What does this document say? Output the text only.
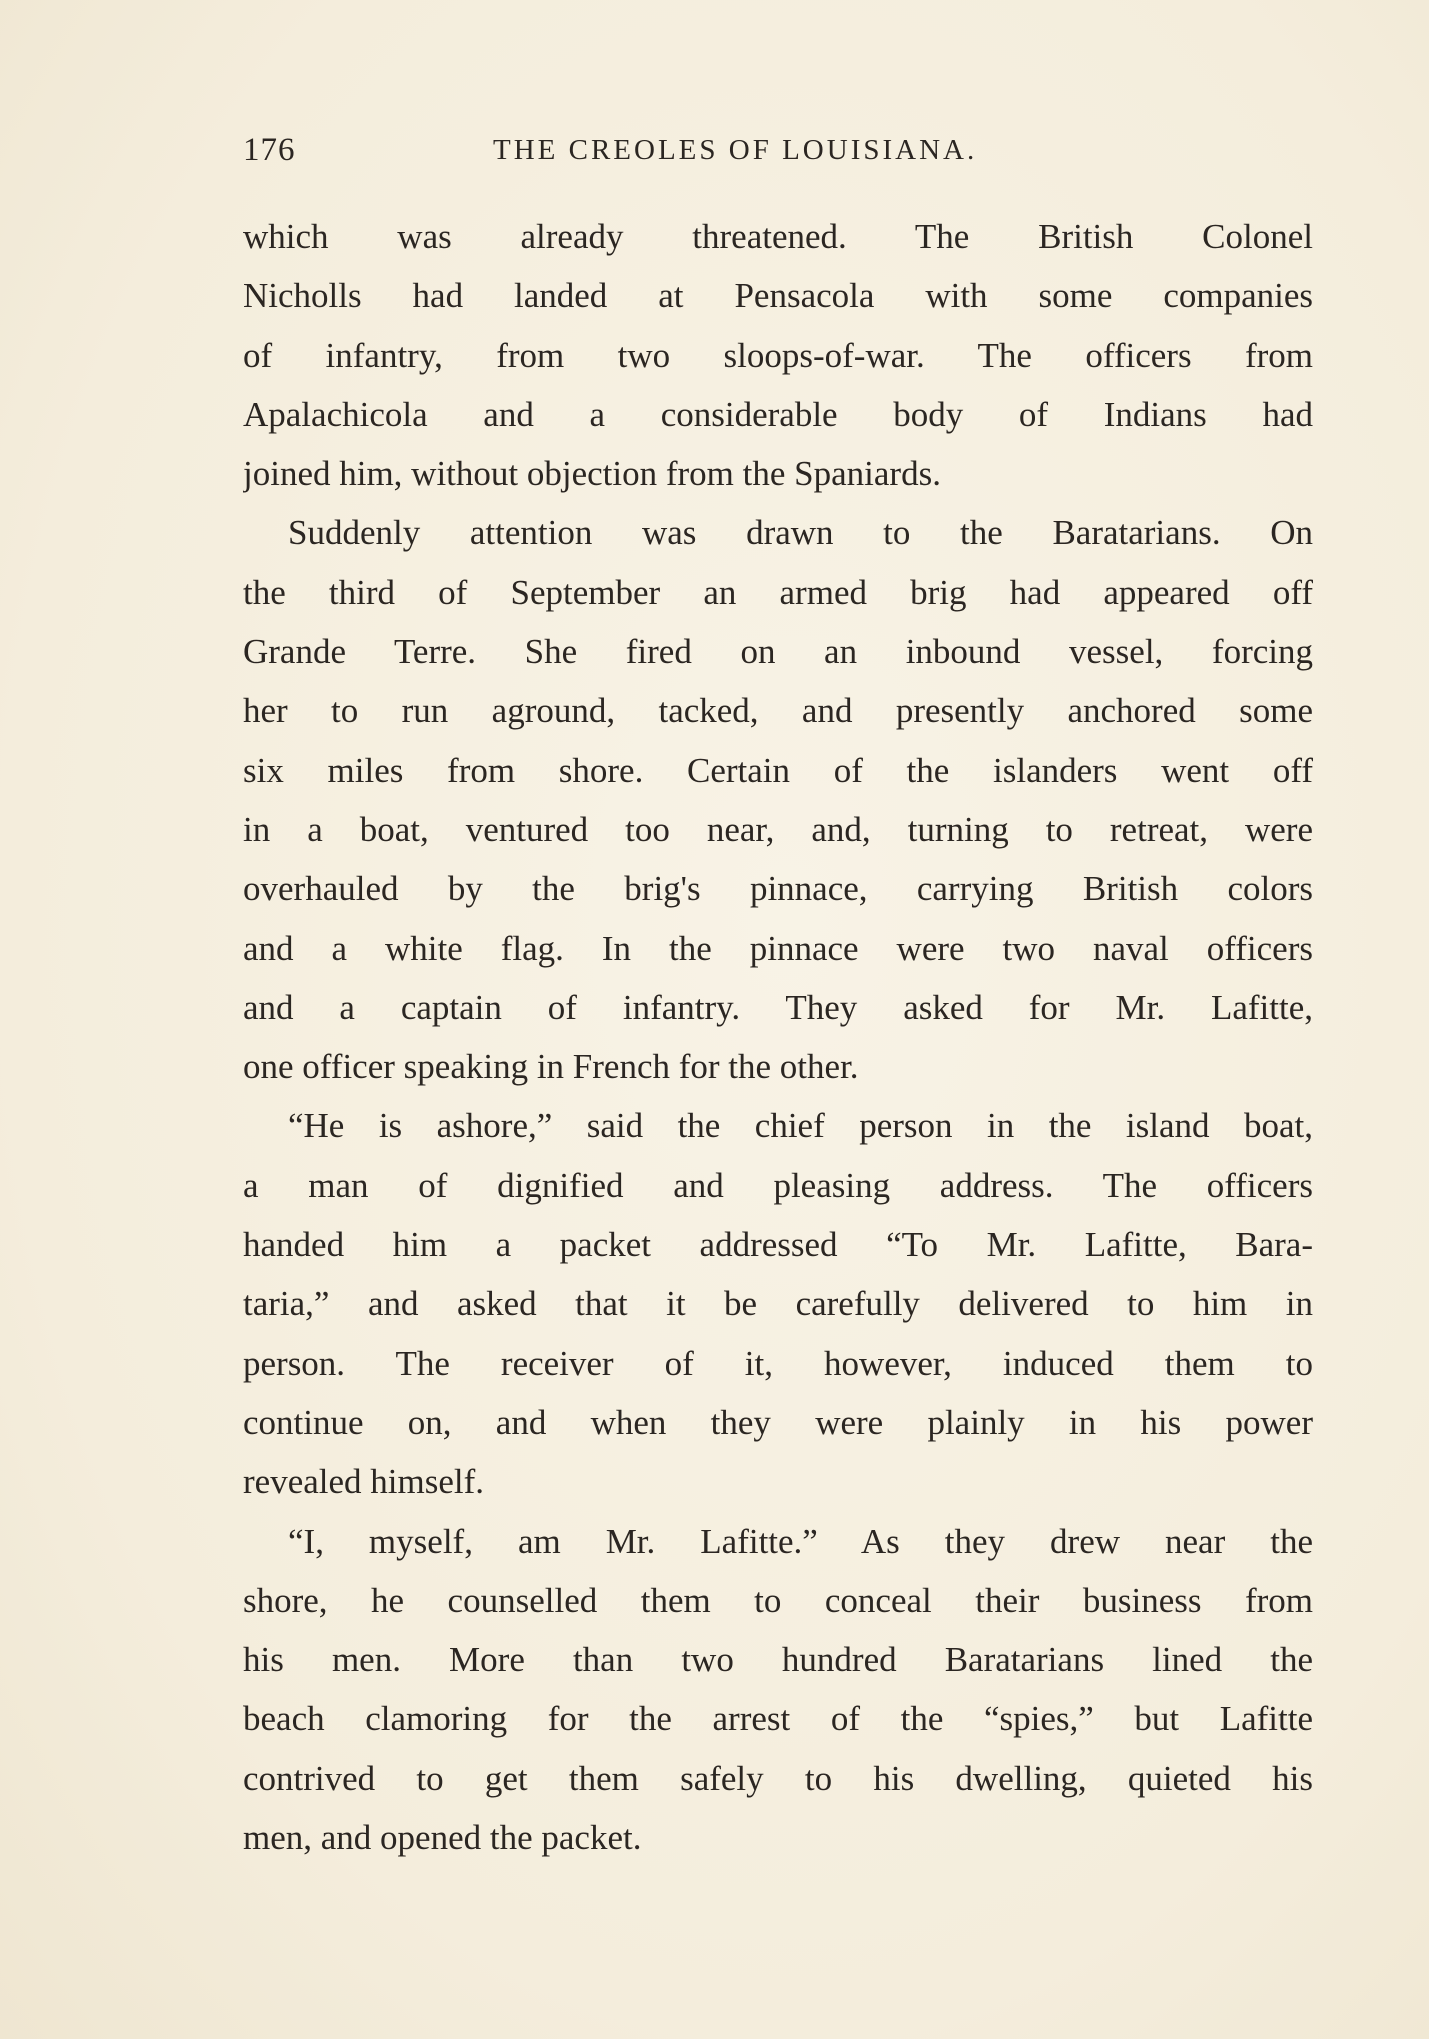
176	THE CREOLES OF LOUISIANA.
which was already threatened. The British Colonel
Nicholls had landed at Pensacola with some companies
of infantry, from two sloops-of-war. The officers from
Apalachicola and a considerable body of Indians had
joined him, without objection from the Spaniards.
Suddenly attention was drawn to the Baratarians. On
the third of September an armed brig had appeared off
Grande Terre. She fired on an inbound vessel, forcing
her to run aground, tacked, and presently anchored some
six miles from shore. Certain of the islanders went off
in a boat, ventured too near, and, turning to retreat, were
overhauled by the brig's pinnace, carrying British colors
and a white flag. In the pinnace were two naval officers
and a captain of infantry. They asked for Mr. Lafitte,
one officer speaking in French for the other.
“He is ashore,” said the chief person in the island boat,
a man of dignified and pleasing address. The officers
handed him a packet addressed “To Mr. Lafitte, Bara-
taria,” and asked that it be carefully delivered to him in
person. The receiver of it, however, induced them to
continue on, and when they were plainly in his power
revealed himself.
“I, myself, am Mr. Lafitte.” As they drew near the
shore, he counselled them to conceal their business from
his men. More than two hundred Baratarians lined the
beach clamoring for the arrest of the “spies,” but Lafitte
contrived to get them safely to his dwelling, quieted his
men, and opened the packet.
